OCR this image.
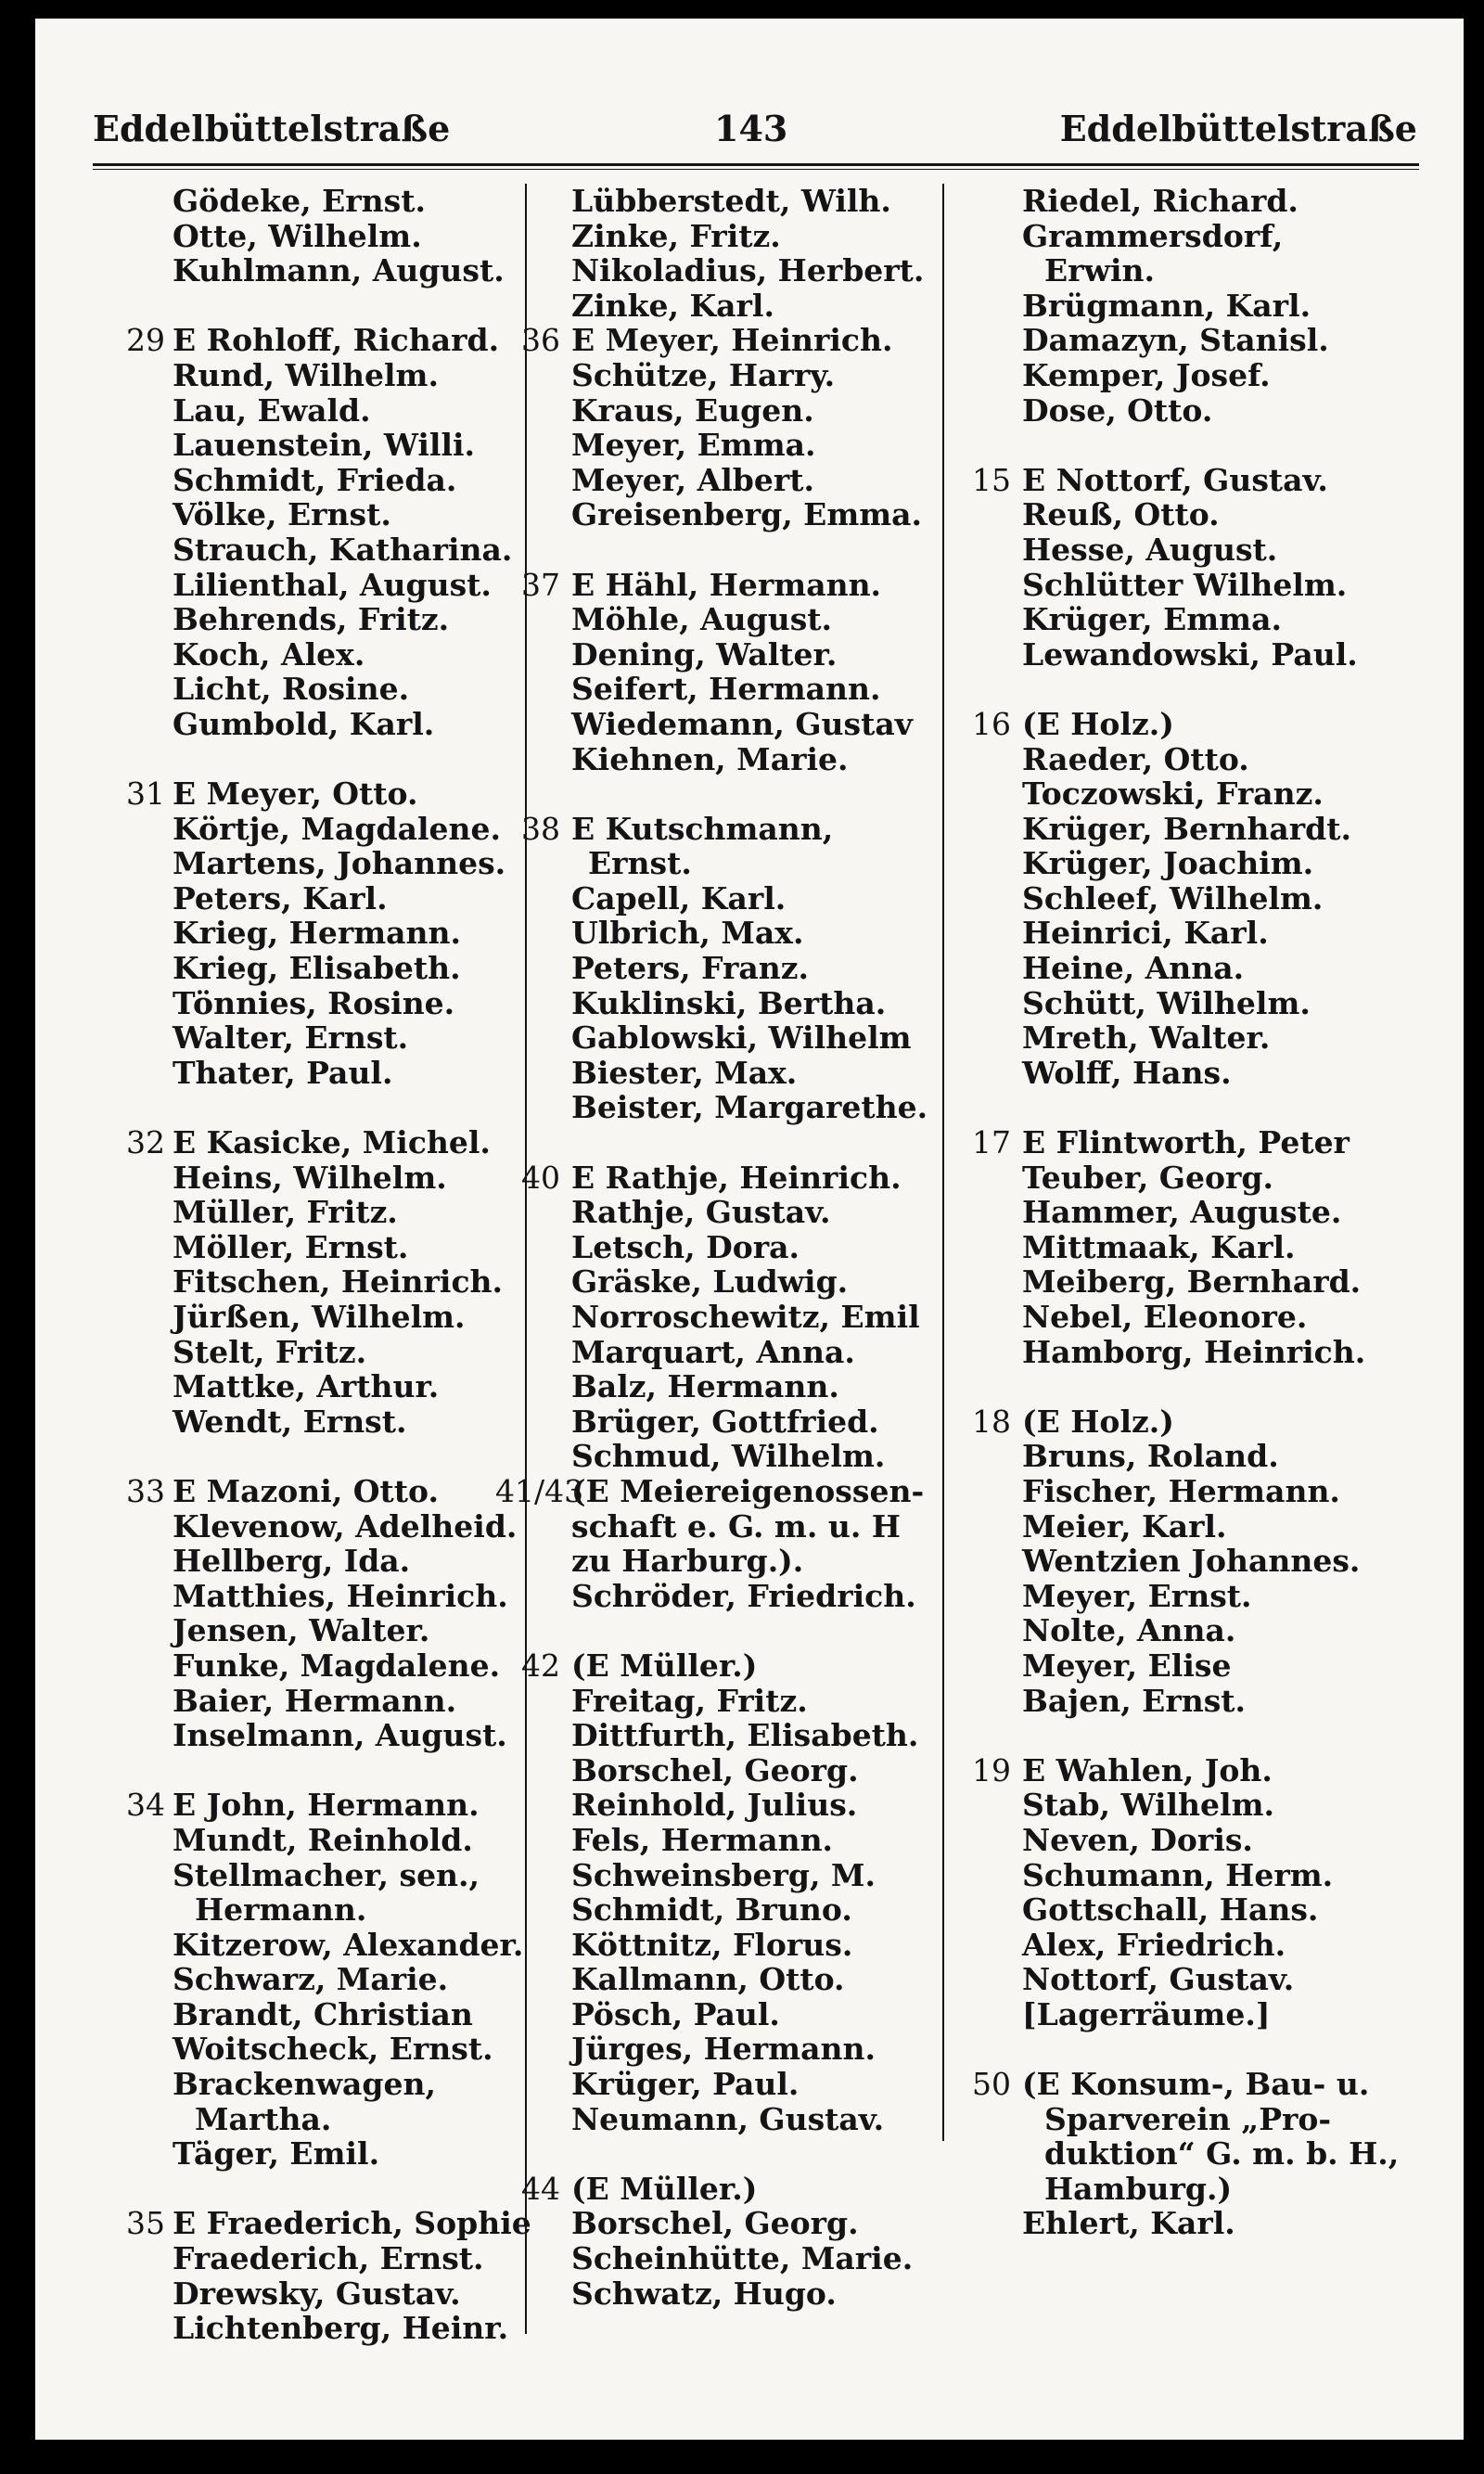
Eddelbüttelstraße	143	Eddelbüttelstraße
Gödeke, Ernst.
Otte, Wilhelm.
Kuhlmann, August.
29 E Rohloff, Richard.
Rund, Wilhelm.
Lau, Ewald.
Lauenstein, Willi.
Schmidt, Frieda.
Völke, Ernst.
Strauch, Katharina.
Lilienthal, August.
Behrends, Fritz.
Koch, Alex.
Licht, Rosine.
Gumbold, Karl.
31 E Meyer, Otto.
Körtje, Magdalene.
Martens, Johannes.
Peters, Karl.
Krieg, Hermann.
Krieg, Elisabeth.
Tönnies, Rosine.
Walter, Ernst.
Thater, Paul.
32 E Kasicke, Michel.
Heins, Wilhelm.
Müller, Fritz.
Möller, Ernst.
Fitschen, Heinrich.
Jürßen, Wilhelm.
Stelt, Fritz.
Mattke, Arthur.
Wendt, Ernst.
33 E Mazoni, Otto.
Klevenow, Adelheid.
Hellberg, Ida.
Matthies, Heinrich.
Jensen, Walter.
Funke, Magdalene.
Baier, Hermann.
Inselmann, August.
34 E John, Hermann.
Mundt, Reinhold.
Stellmacher, sen.,
Hermann.
Kitzerow, Alexander.
Schwarz, Marie.
Brandt, Christian
Woitscheck, Ernst.
Brackenwagen,
Martha.
Täger, Emil.
35 E Fraederich, Sophie
Fraederich, Ernst.
Drewsky, Gustav.
Lichtenberg, Heinr.
Lübberstedt, Wilh.
Zinke, Fritz.
Nikoladius, Herbert.
Zinke, Karl.
36 E Meyer, Heinrich.
Schütze, Harry.
Kraus, Eugen.
Meyer, Emma.
Meyer, Albert.
Greisenberg, Emma.
37 E Hähl, Hermann.
Möhle, August.
Dening, Walter.
Seifert, Hermann.
Wiedemann, Gustav
Kiehnen, Marie.
38 E Kutschmann,
Ernst.
Capell, Karl.
Ulbrich, Max.
Peters, Franz.
Kuklinski, Bertha.
Gablowski, Wilhelm
Biester, Max.
Beister, Margarethe.
40 E Rathje, Heinrich.
Rathje, Gustav.
Letsch, Dora.
Gräske, Ludwig.
Norroschewitz, Emil
Marquart, Anna.
Balz, Hermann.
Brüger, Gottfried.
Schmud, Wilhelm.
41/43
(E Meiereigenossen-
schaft e. G. m. u. H
zu Harburg.).
Schröder, Friedrich.
42 (E Müller.)
Freitag, Fritz.
Dittfurth, Elisabeth.
Borschel, Georg.
Reinhold, Julius.
Fels, Hermann.
Schweinsberg, M.
Schmidt, Bruno.
Köttnitz, Florus.
Kallmann, Otto.
Pösch, Paul.
Jürges, Hermann.
Krüger, Paul.
Neumann, Gustav.
44 (E Müller.)
Borschel, Georg.
Scheinhütte, Marie.
Schwatz, Hugo.
Riedel, Richard.
Grammersdorf,
Erwin.
Brügmann, Karl.
Damazyn, Stanisl.
Kemper, Josef.
Dose, Otto.
15 E Nottorf, Gustav.
Reuß, Otto.
Hesse, August.
Schlütter Wilhelm.
Krüger, Emma.
Lewandowski, Paul.
16 (E Holz.)
Raeder, Otto.
Toczowski, Franz.
Krüger, Bernhardt.
Krüger, Joachim.
Schleef, Wilhelm.
Heinrici, Karl.
Heine, Anna.
Schütt, Wilhelm.
Mreth, Walter.
Wolff, Hans.
17 E Flintworth, Peter
Teuber, Georg.
Hammer, Auguste.
Mittmaak, Karl.
Meiberg, Bernhard.
Nebel, Eleonore.
Hamborg, Heinrich.
18 (E Holz.)
Bruns, Roland.
Fischer, Hermann.
Meier, Karl.
Wentzien Johannes.
Meyer, Ernst.
Nolte, Anna.
Meyer, Elise
Bajen, Ernst.
19 E Wahlen, Joh.
Stab, Wilhelm.
Neven, Doris.
Schumann, Herm.
Gottschall, Hans.
Alex, Friedrich.
Nottorf, Gustav.
[Lagerräume.]
50 (E Konsum-, Bau- u.
Sparverein „Pro-
duktion“ G. m. b. H.,
Hamburg.)
Ehlert, Karl.
